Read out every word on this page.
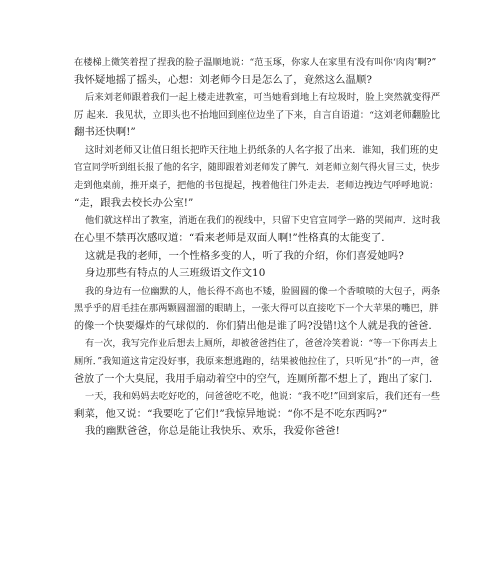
在楼梯上微笑着捏了捏我的脸子温顺地说：“范玉琢，你家人在家里有没有叫你‘肉肉’啊?”
我怀疑地摇了摇头，心想：刘老师今日是怎么了，竟然这么温顺?
后来刘老师跟着我们一起上楼走进教室，可当她看到地上有垃圾时，脸上突然就变得严
厉 起来．我见状，立即头也不抬地回到座位边坐了下来，自言自语道：“这刘老师翻脸比
翻书还快啊!”
这时刘老师又让值日组长把昨天往地上扔纸条的人名字报了出来．谁知，我们班的史
官宣同学听到组长报了他的名字，随即跟着刘老师发了脾气．刘老师立刻气得火冒三丈，快步
走到他桌前，推开桌子，把他的书包提起，拽着他往门外走去．老师边拽边气呼呼地说：
“走，跟我去校长办公室!”
他们就这样出了教室，消逝在我们的视线中，只留下史官宣同学一路的哭闹声．这时我
在心里不禁再次感叹道：“看来老师是双面人啊!”性格真的太能变了．
这就是我的老师，一个性格多变的人，听了我的介绍，你们喜爱她吗?
身边那些有特点的人三班级语文作文10
我的身边有一位幽默的人，他长得不高也不矮，脸圆圆的像一个香喷喷的大包子，两条
黑乎乎的眉毛挂在那两颗圆溜溜的眼睛上，一张大得可以直接吃下一个大苹果的嘴巴，胖
的像一个快要爆炸的气球似的．你们猜出他是谁了吗?没错!这个人就是我的爸爸．
有一次，我写完作业后想去上厕所，却被爸爸挡住了，爸爸冷笑着说：“等一下你再去上
厕所．”我知道这肯定没好事，我原来想逃跑的，结果被他拉住了，只听见“扑”的一声，爸
爸放了一个大臭屁，我用手扇动着空中的空气，连厕所都不想上了，跑出了家门．
一天，我和妈妈去吃好吃的，问爸爸吃不吃，他说：“我不吃!”回到家后，我们还有一些
剩菜，他又说：“我要吃了它们!”我惊异地说：“你不是不吃东西吗?”
我的幽默爸爸，你总是能让我快乐、欢乐，我爱你爸爸!
